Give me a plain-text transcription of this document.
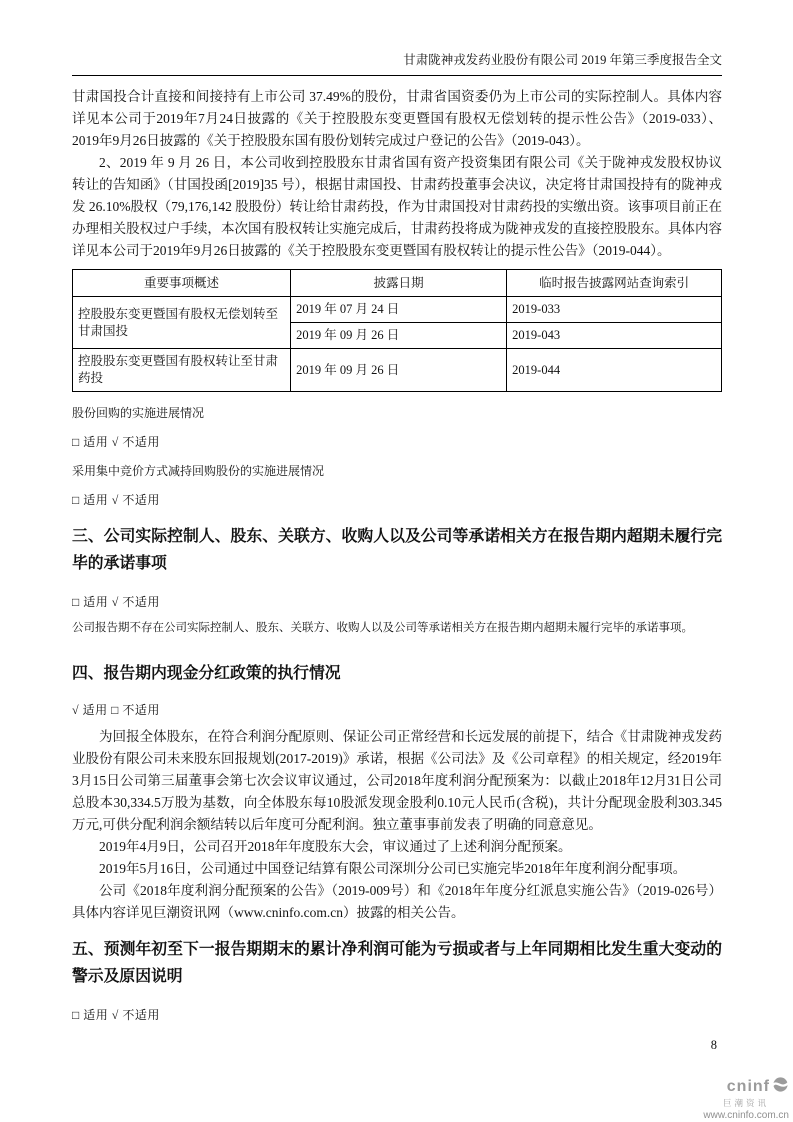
甘肃陇神戎发药业股份有限公司 2019 年第三季度报告全文

甘肃国投合计直接和间接持有上市公司 37.49%的股份，甘肃省国资委仍为上市公司的实际控制人。具体内容详见本公司于2019年7月24日披露的《关于控股股东变更暨国有股权无偿划转的提示性公告》（2019-033）、2019年9月26日披露的《关于控股股东国有股份划转完成过户登记的公告》（2019-043）。

2、2019 年 9 月 26 日，本公司收到控股股东甘肃省国有资产投资集团有限公司《关于陇神戎发股权协议转让的告知函》（甘国投函[2019]35 号），根据甘肃国投、甘肃药投董事会决议，决定将甘肃国投持有的陇神戎发 26.10%股权（79,176,142 股股份）转让给甘肃药投，作为甘肃国投对甘肃药投的实缴出资。该事项目前正在办理相关股权过户手续，本次国有股权转让实施完成后，甘肃药投将成为陇神戎发的直接控股股东。具体内容详见本公司于2019年9月26日披露的《关于控股股东变更暨国有股权转让的提示性公告》（2019-044）。

重要事项概述	披露日期	临时报告披露网站查询索引
控股股东变更暨国有股权无偿划转至甘肃国投	2019 年 07 月 24 日	2019-033
	2019 年 09 月 26 日	2019-043
控股股东变更暨国有股权转让至甘肃药投	2019 年 09 月 26 日	2019-044
股份回购的实施进展情况
□ 适用 √ 不适用
采用集中竞价方式减持回购股份的实施进展情况
□ 适用 √ 不适用
三、公司实际控制人、股东、关联方、收购人以及公司等承诺相关方在报告期内超期未履行完毕的承诺事项
□ 适用 √ 不适用
公司报告期不存在公司实际控制人、股东、关联方、收购人以及公司等承诺相关方在报告期内超期未履行完毕的承诺事项。
四、报告期内现金分红政策的执行情况
√ 适用 □ 不适用

为回报全体股东，在符合利润分配原则、保证公司正常经营和长远发展的前提下，结合《甘肃陇神戎发药业股份有限公司未来股东回报规划(2017-2019)》承诺，根据《公司法》及《公司章程》的相关规定，经2019年3月15日公司第三届董事会第七次会议审议通过，公司2018年度利润分配预案为：以截止2018年12月31日公司总股本30,334.5万股为基数，向全体股东每10股派发现金股利0.10元人民币(含税)，共计分配现金股利303.345万元,可供分配利润余额结转以后年度可分配利润。独立董事事前发表了明确的同意意见。

2019年4月9日，公司召开2018年年度股东大会，审议通过了上述利润分配预案。

2019年5月16日，公司通过中国登记结算有限公司深圳分公司已实施完毕2018年年度利润分配事项。

公司《2018年度利润分配预案的公告》（2019-009号）和《2018年年度分红派息实施公告》（2019-026号）具体内容详见巨潮资讯网（www.cninfo.com.cn）披露的相关公告。

五、预测年初至下一报告期期末的累计净利润可能为亏损或者与上年同期相比发生重大变动的警示及原因说明
□ 适用 √ 不适用
8
cninf
巨潮资讯
www.cninfo.com.cn
